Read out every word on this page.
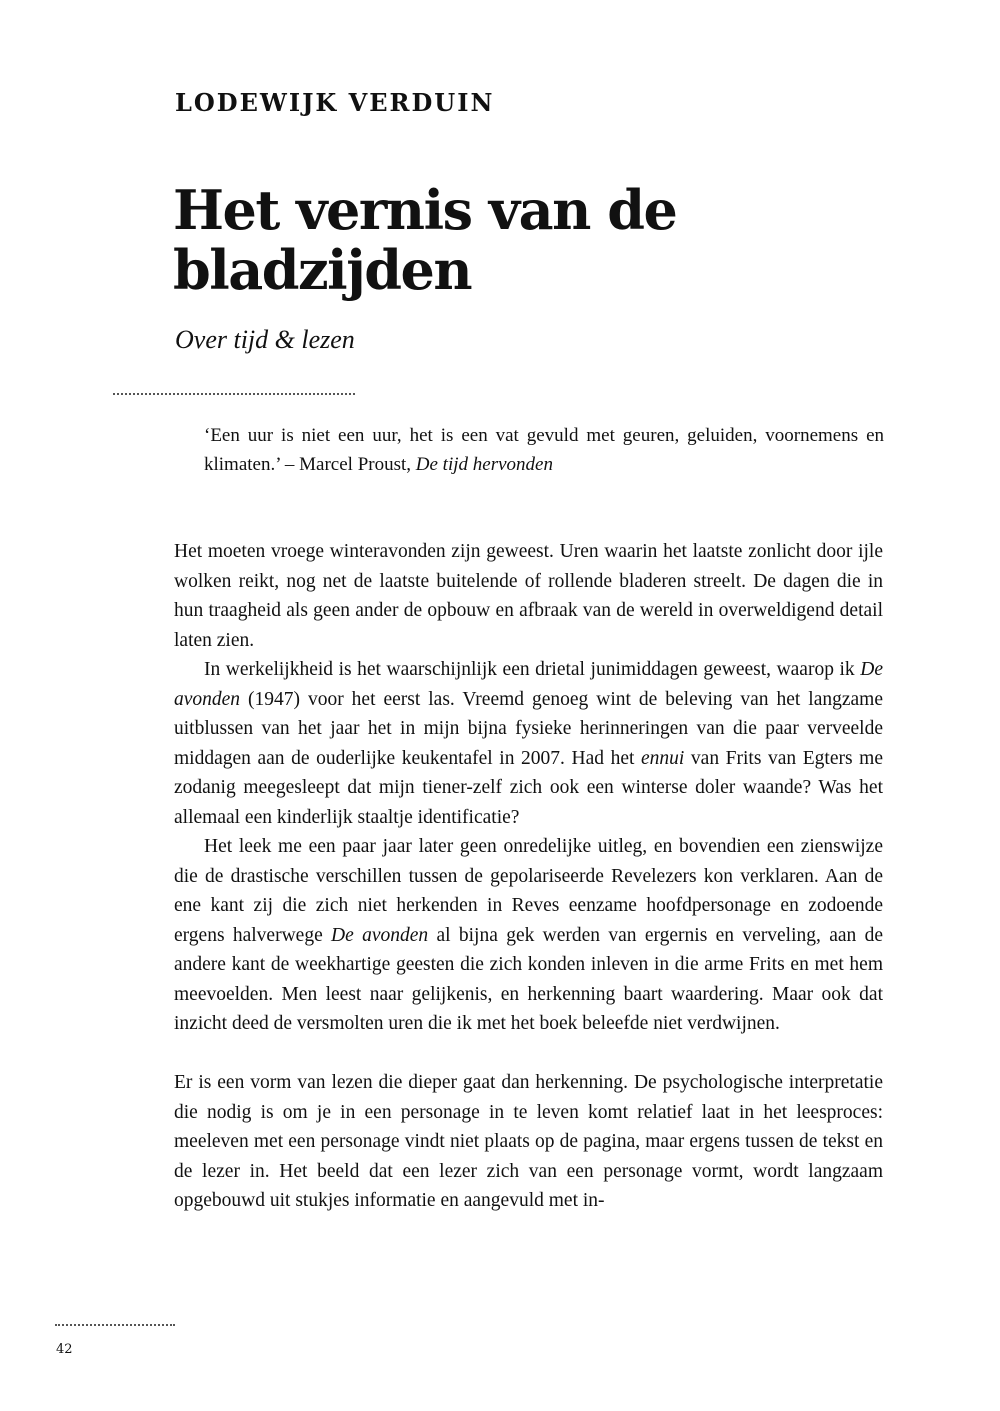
LODEWIJK VERDUIN
Het vernis van de bladzijden
Over tijd & lezen
‘Een uur is niet een uur, het is een vat gevuld met geuren, geluiden, voornemens en klimaten.’ – Marcel Proust, De tijd hervonden

Het moeten vroege winteravonden zijn geweest. Uren waarin het laatste zonlicht door ijle wolken reikt, nog net de laatste buitelende of rollende bladeren streelt. De dagen die in hun traagheid als geen ander de opbouw en afbraak van de wereld in overweldigend detail laten zien.

In werkelijkheid is het waarschijnlijk een drietal junimiddagen geweest, waarop ik De avonden (1947) voor het eerst las. Vreemd genoeg wint de beleving van het langzame uitblussen van het jaar het in mijn bijna fysieke herinneringen van die paar verveelde middagen aan de ouderlijke keukentafel in 2007. Had het ennui van Frits van Egters me zodanig meegesleept dat mijn tiener-zelf zich ook een winterse doler waande? Was het allemaal een kinderlijk staaltje identificatie?

Het leek me een paar jaar later geen onredelijke uitleg, en bovendien een zienswijze die de drastische verschillen tussen de gepolariseerde Revelezers kon verklaren. Aan de ene kant zij die zich niet herkenden in Reves eenzame hoofdpersonage en zodoende ergens halverwege De avonden al bijna gek werden van ergernis en verveling, aan de andere kant de weekhartige geesten die zich konden inleven in die arme Frits en met hem meevoelden. Men leest naar gelijkenis, en herkenning baart waardering. Maar ook dat inzicht deed de versmolten uren die ik met het boek beleefde niet verdwijnen.

Er is een vorm van lezen die dieper gaat dan herkenning. De psychologische interpretatie die nodig is om je in een personage in te leven komt relatief laat in het leesproces: meeleven met een personage vindt niet plaats op de pagina, maar ergens tussen de tekst en de lezer in. Het beeld dat een lezer zich van een personage vormt, wordt langzaam opgebouwd uit stukjes informatie en aangevuld met in-

42
